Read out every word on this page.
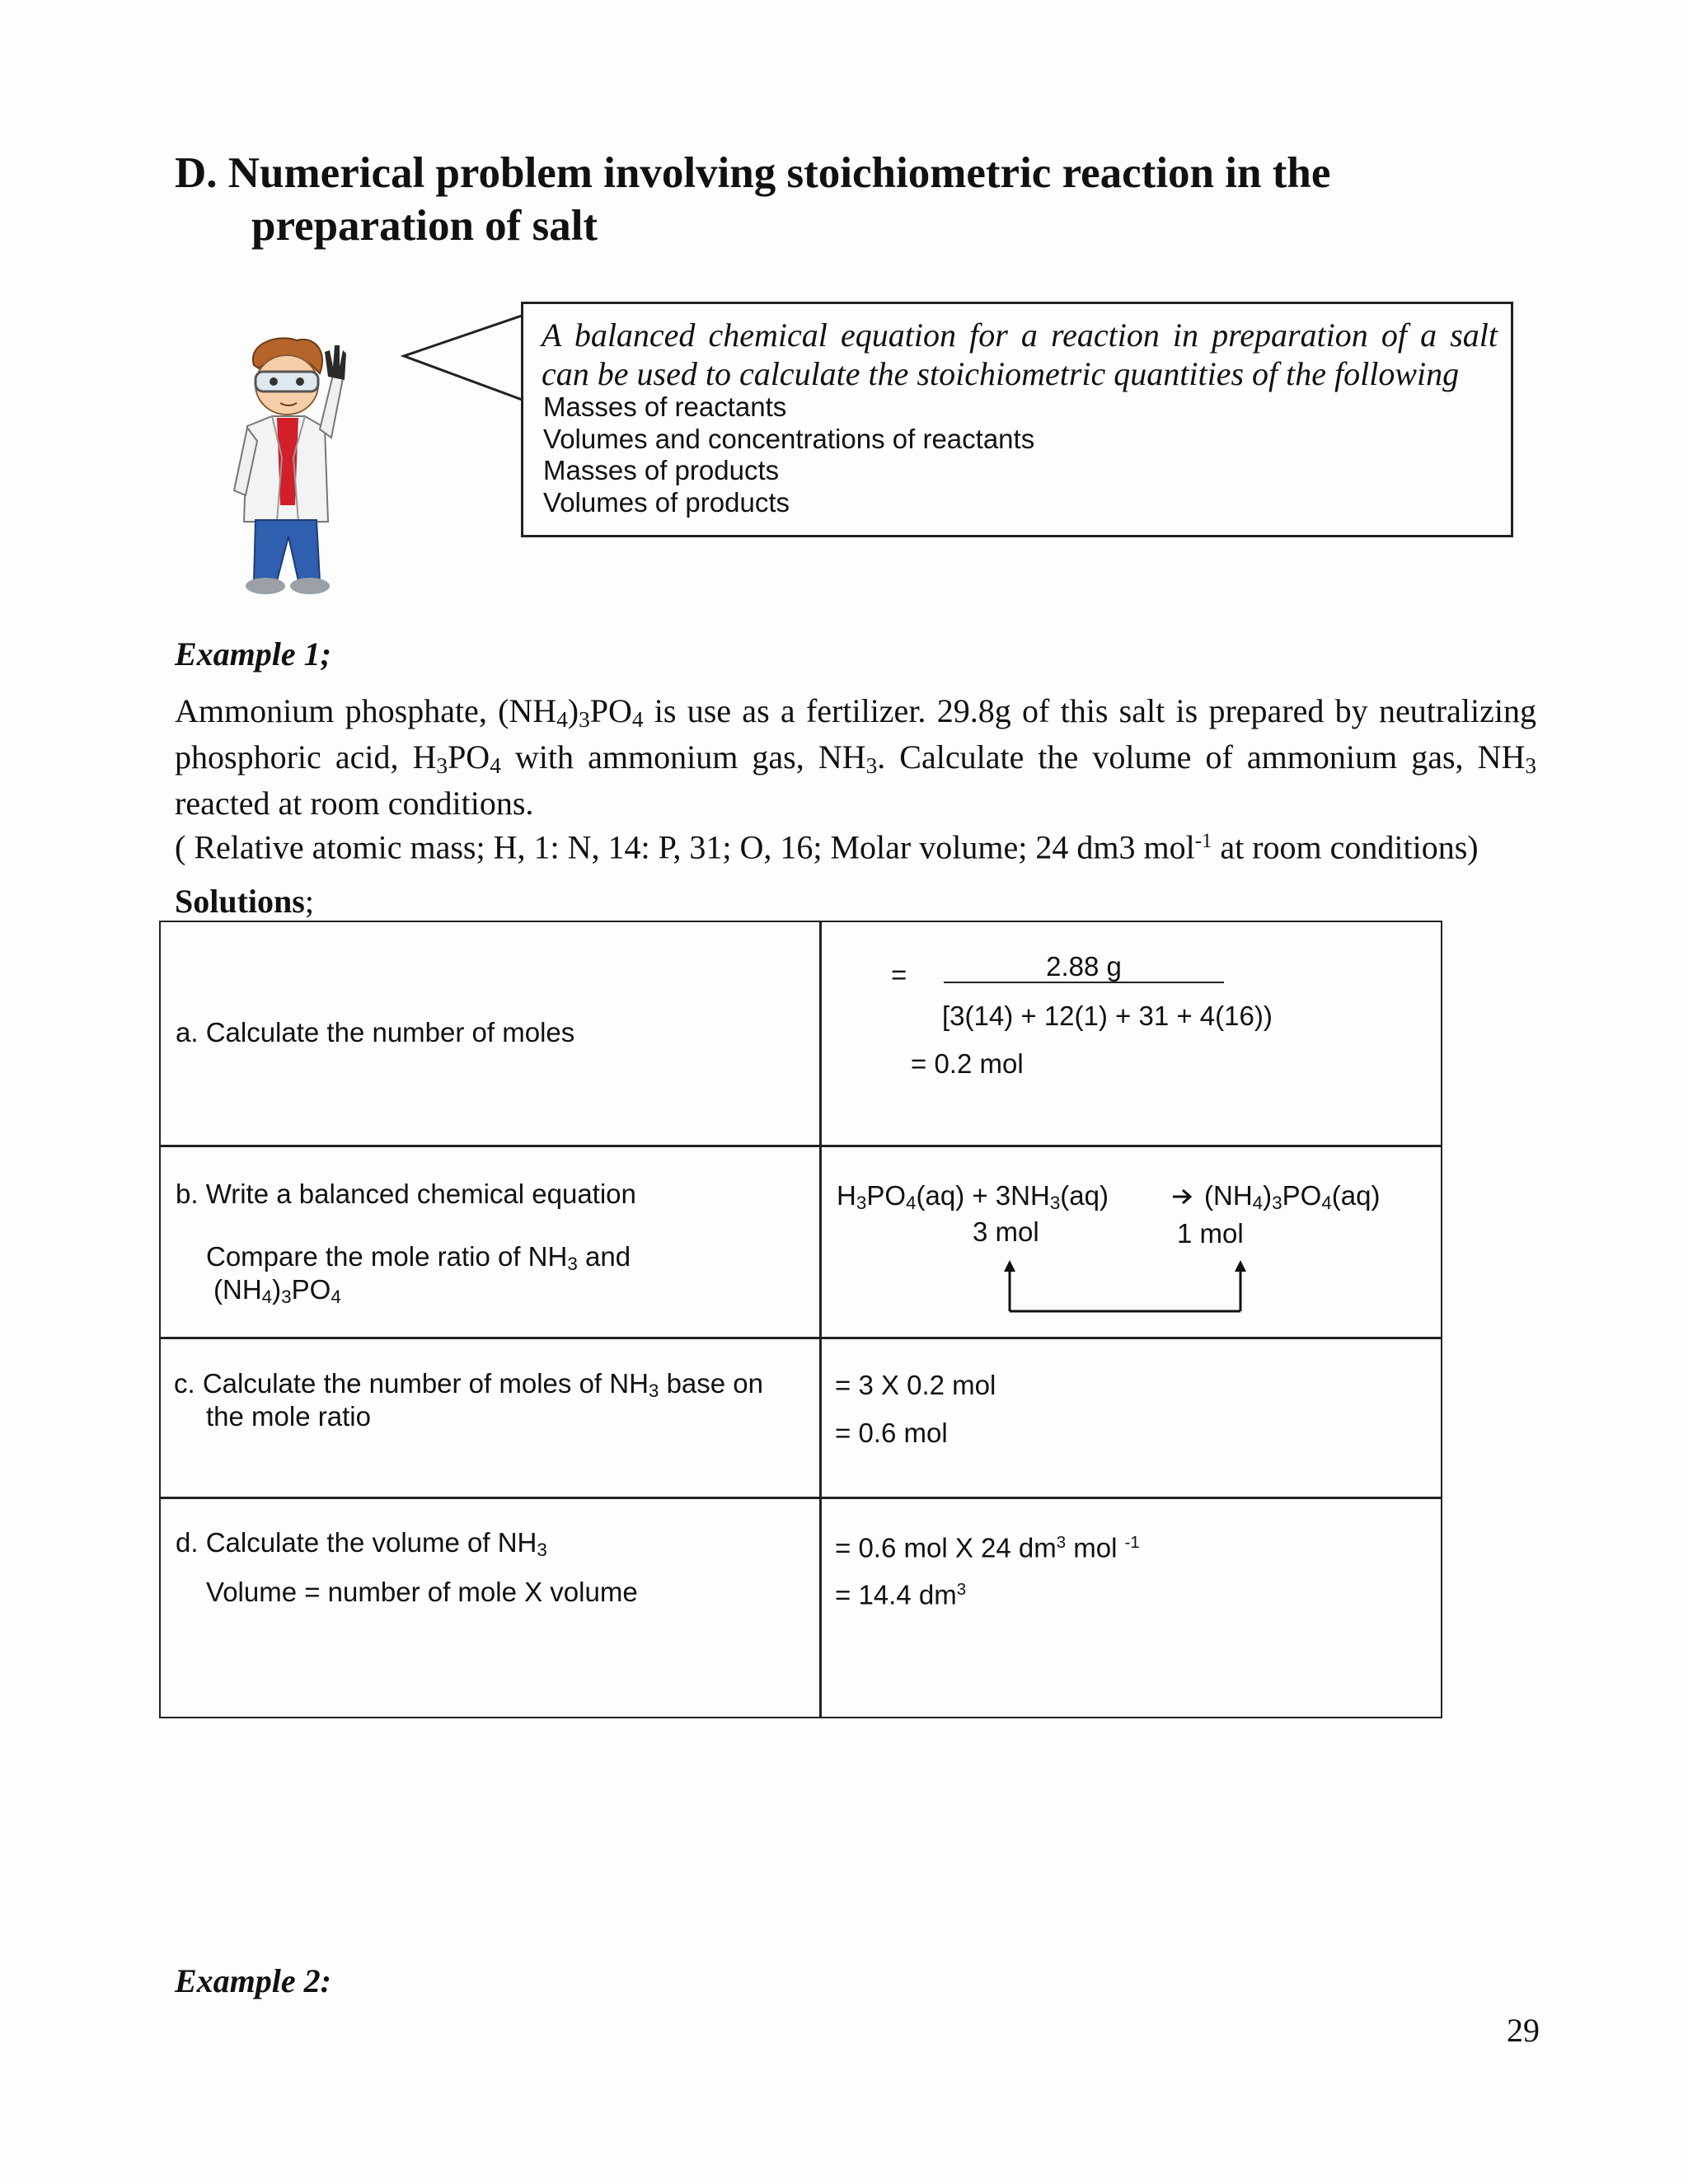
D. Numerical problem involving stoichiometric reaction in the
preparation of salt
A balanced chemical equation for a reaction in preparation of a salt
can be used to calculate the stoichiometric quantities of the following
Masses of reactants
Volumes and concentrations of reactants
Masses of products
Volumes of products
Example 1;

Ammonium phosphate, $(NH_4)_3PO_4$ is use as a fertilizer. 29.8g of this salt is prepared by neutralizing

phosphoric acid, $H_3PO_4$ with ammonium gas, $NH_3$. Calculate the volume of ammonium gas, $NH_3$

reacted at room conditions.

( Relative atomic mass; H, 1: N, 14: P, 31; O, 16; Molar volume; 24 dm3 mol$^{-1}$ at room conditions)

Solutions;
a. Calculate the number of moles
=	2.88 g
[3(14) + 12(1) + 31 + 4(16))
= 0.2 mol
b. Write a balanced chemical equation
Compare the mole ratio of $NH_3$ and
$(NH_4)_3PO_4$
$H_3PO_4(aq) + 3NH_3(aq)$	→ $(NH_4)_3PO_4(aq)$
3 mol	1 mol
c. Calculate the number of moles of $NH_3$ base on
the mole ratio
= 3 X 0.2 mol
= 0.6 mol
d. Calculate the volume of $NH_3$
Volume = number of mole X volume
= 0.6 mol X 24 $dm^3$ mol $^{-1}$
= 14.4 $dm^3$
Example 2:
29
